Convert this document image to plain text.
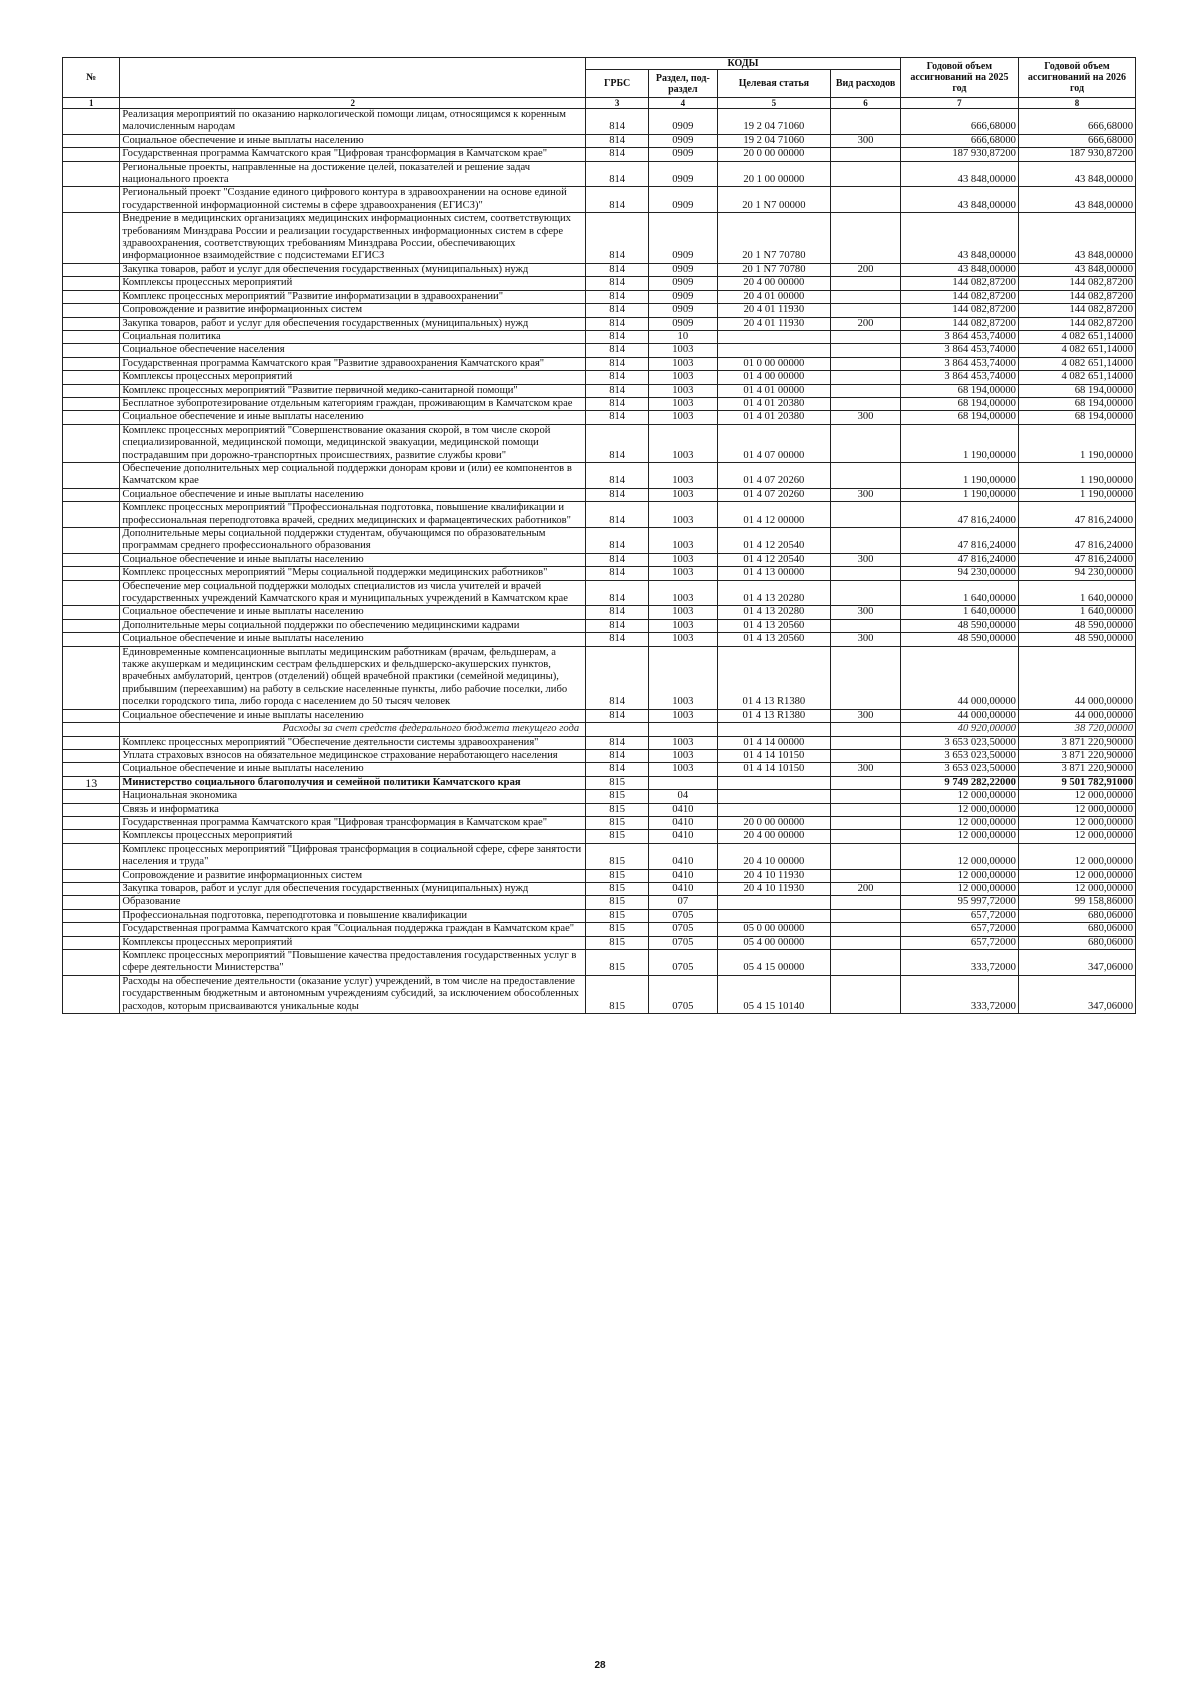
№		КОДЫ				Годовой объем ассигнований на 2025 год	Годовой объем ассигнований на 2026 год
		ГРБС	Раздел, под-раздел	Целевая статья	Вид расходов		
1	2	3	4	5	6	7	8
	Реализация мероприятий по оказанию наркологической помощи лицам, относящимся к коренным малочисленным народам	814	0909	19 2 04 71060		666,68000	666,68000
	Социальное обеспечение и иные выплаты населению	814	0909	19 2 04 71060	300	666,68000	666,68000
	Государственная программа Камчатского края "Цифровая трансформация в Камчатском крае"	814	0909	20 0 00 00000		187 930,87200	187 930,87200
	Региональные проекты, направленные на достижение целей, показателей и решение задач национального проекта	814	0909	20 1 00 00000		43 848,00000	43 848,00000
	Региональный проект "Создание единого цифрового контура в здравоохранении на основе единой государственной информационной системы в сфере здравоохранения (ЕГИСЗ)"	814	0909	20 1 N7 00000		43 848,00000	43 848,00000
	Внедрение в медицинских организациях медицинских информационных систем, соответствующих требованиям Минздрава России и реализации государственных информационных систем в сфере здравоохранения, соответствующих требованиям Минздрава России, обеспечивающих информационное взаимодействие с подсистемами ЕГИСЗ	814	0909	20 1 N7 70780		43 848,00000	43 848,00000
	Закупка товаров, работ и услуг для обеспечения государственных (муниципальных) нужд	814	0909	20 1 N7 70780	200	43 848,00000	43 848,00000
	Комплексы процессных мероприятий	814	0909	20 4 00 00000		144 082,87200	144 082,87200
	Комплекс процессных мероприятий "Развитие информатизации в здравоохранении"	814	0909	20 4 01 00000		144 082,87200	144 082,87200
	Сопровождение и развитие информационных систем	814	0909	20 4 01 11930		144 082,87200	144 082,87200
	Закупка товаров, работ и услуг для обеспечения государственных (муниципальных) нужд	814	0909	20 4 01 11930	200	144 082,87200	144 082,87200
	Социальная политика	814	10			3 864 453,74000	4 082 651,14000
	Социальное обеспечение населения	814	1003			3 864 453,74000	4 082 651,14000
	Государственная программа Камчатского края "Развитие здравоохранения Камчатского края"	814	1003	01 0 00 00000		3 864 453,74000	4 082 651,14000
	Комплексы процессных мероприятий	814	1003	01 4 00 00000		3 864 453,74000	4 082 651,14000
	Комплекс процессных мероприятий "Развитие первичной медико-санитарной помощи"	814	1003	01 4 01 00000		68 194,00000	68 194,00000
	Бесплатное зубопротезирование отдельным категориям граждан, проживающим в Камчатском крае	814	1003	01 4 01 20380		68 194,00000	68 194,00000
	Социальное обеспечение и иные выплаты населению	814	1003	01 4 01 20380	300	68 194,00000	68 194,00000
	Комплекс процессных мероприятий "Совершенствование оказания скорой, в том числе скорой специализированной, медицинской помощи, медицинской эвакуации, медицинской помощи пострадавшим при дорожно-транспортных происшествиях, развитие службы крови"	814	1003	01 4 07 00000		1 190,00000	1 190,00000
	Обеспечение дополнительных мер социальной поддержки донорам крови и (или) ее компонентов в Камчатском крае	814	1003	01 4 07 20260		1 190,00000	1 190,00000
	Социальное обеспечение и иные выплаты населению	814	1003	01 4 07 20260	300	1 190,00000	1 190,00000
	Комплекс процессных мероприятий "Профессиональная подготовка, повышение квалификации и профессиональная переподготовка врачей, средних медицинских и фармацевтических работников"	814	1003	01 4 12 00000		47 816,24000	47 816,24000
	Дополнительные меры социальной поддержки студентам, обучающимся по образовательным программам среднего профессионального образования	814	1003	01 4 12 20540		47 816,24000	47 816,24000
	Социальное обеспечение и иные выплаты населению	814	1003	01 4 12 20540	300	47 816,24000	47 816,24000
	Комплекс процессных мероприятий "Меры социальной поддержки медицинских работников"	814	1003	01 4 13 00000		94 230,00000	94 230,00000
	Обеспечение мер социальной поддержки молодых специалистов из числа учителей и врачей государственных учреждений Камчатского края и муниципальных учреждений в Камчатском крае	814	1003	01 4 13 20280		1 640,00000	1 640,00000
	Социальное обеспечение и иные выплаты населению	814	1003	01 4 13 20280	300	1 640,00000	1 640,00000
	Дополнительные меры социальной поддержки по обеспечению медицинскими кадрами	814	1003	01 4 13 20560		48 590,00000	48 590,00000
	Социальное обеспечение и иные выплаты населению	814	1003	01 4 13 20560	300	48 590,00000	48 590,00000
	Единовременные компенсационные выплаты медицинским работникам (врачам, фельдшерам, а также акушеркам и медицинским сестрам фельдшерских и фельдшерско-акушерских пунктов, врачебных амбулаторий, центров (отделений) общей врачебной практики (семейной медицины), прибывшим (переехавшим) на работу в сельские населенные пункты, либо рабочие поселки, либо поселки городского типа, либо города с населением до 50 тысяч человек	814	1003	01 4 13 R1380		44 000,00000	44 000,00000
	Социальное обеспечение и иные выплаты населению	814	1003	01 4 13 R1380	300	44 000,00000	44 000,00000
	Расходы за счет средств федерального бюджета текущего года					40 920,00000	38 720,00000
	Комплекс процессных мероприятий "Обеспечение деятельности системы здравоохранения"	814	1003	01 4 14 00000		3 653 023,50000	3 871 220,90000
	Уплата страховых взносов на обязательное медицинское страхование неработающего населения	814	1003	01 4 14 10150		3 653 023,50000	3 871 220,90000
	Социальное обеспечение и иные выплаты населению	814	1003	01 4 14 10150	300	3 653 023,50000	3 871 220,90000
13	Министерство социального благополучия и семейной политики Камчатского края	815				9 749 282,22000	9 501 782,91000
	Национальная экономика	815	04			12 000,00000	12 000,00000
	Связь и информатика	815	0410			12 000,00000	12 000,00000
	Государственная программа Камчатского края "Цифровая трансформация в Камчатском крае"	815	0410	20 0 00 00000		12 000,00000	12 000,00000
	Комплексы процессных мероприятий	815	0410	20 4 00 00000		12 000,00000	12 000,00000
	Комплекс процессных мероприятий "Цифровая трансформация в социальной сфере, сфере занятости населения и труда"	815	0410	20 4 10 00000		12 000,00000	12 000,00000
	Сопровождение и развитие информационных систем	815	0410	20 4 10 11930		12 000,00000	12 000,00000
	Закупка товаров, работ и услуг для обеспечения государственных (муниципальных) нужд	815	0410	20 4 10 11930	200	12 000,00000	12 000,00000
	Образование	815	07			95 997,72000	99 158,86000
	Профессиональная подготовка, переподготовка и повышение квалификации	815	0705			657,72000	680,06000
	Государственная программа Камчатского края "Социальная поддержка граждан в Камчатском крае"	815	0705	05 0 00 00000		657,72000	680,06000
	Комплексы процессных мероприятий	815	0705	05 4 00 00000		657,72000	680,06000
	Комплекс процессных мероприятий "Повышение качества предоставления государственных услуг в сфере деятельности Министерства"	815	0705	05 4 15 00000		333,72000	347,06000
	Расходы на обеспечение деятельности (оказание услуг) учреждений, в том числе на предоставление государственным бюджетным и автономным учреждениям субсидий, за исключением обособленных расходов, которым присваиваются уникальные коды	815	0705	05 4 15 10140		333,72000	347,06000
28
